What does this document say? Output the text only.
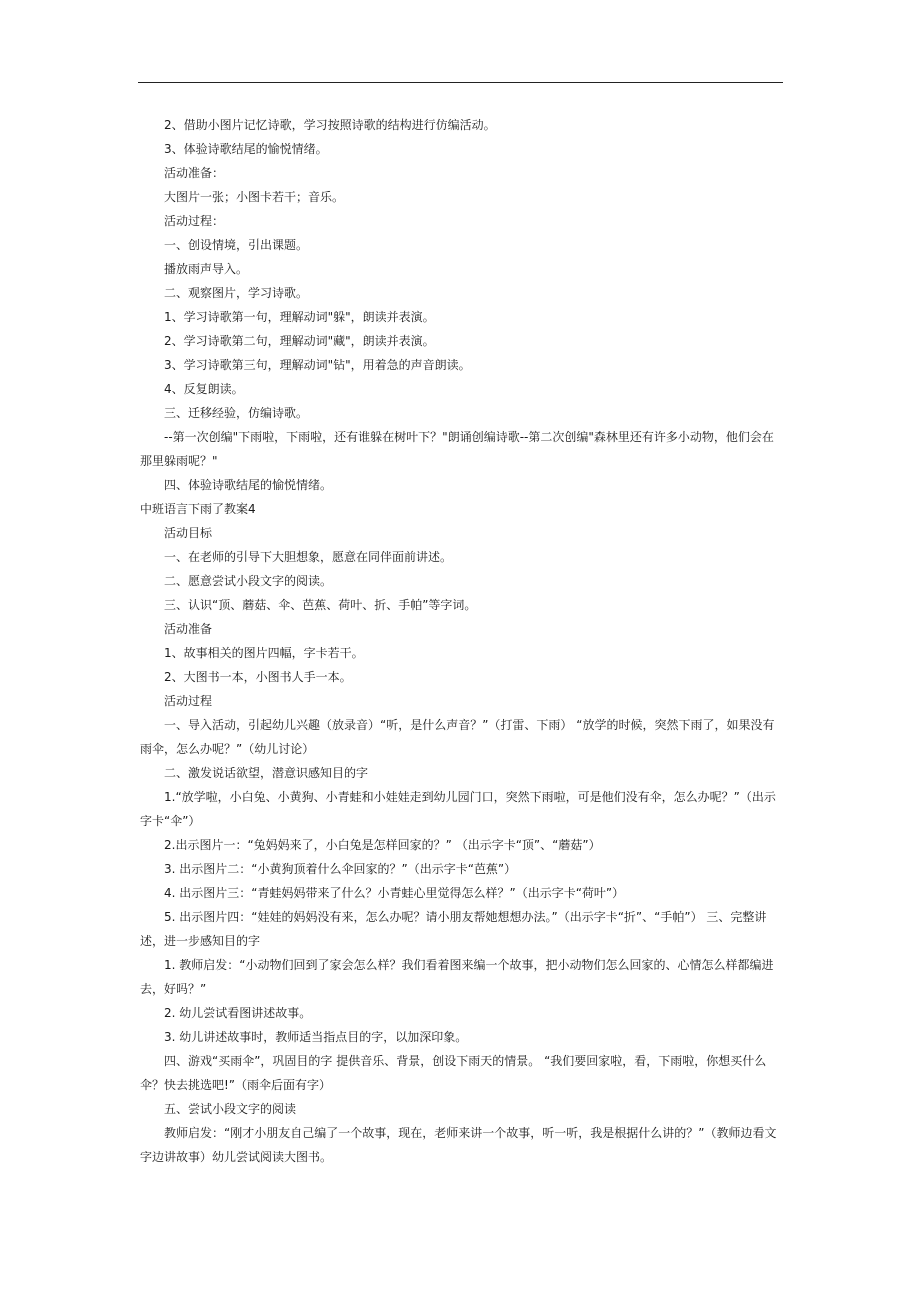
2、借助小图片记忆诗歌，学习按照诗歌的结构进行仿编活动。

3、体验诗歌结尾的愉悦情绪。

活动准备：

大图片一张；小图卡若干；音乐。

活动过程：

一、创设情境，引出课题。

播放雨声导入。

二、观察图片，学习诗歌。

1、学习诗歌第一句，理解动词"躲"，朗读并表演。

2、学习诗歌第二句，理解动词"藏"，朗读并表演。

3、学习诗歌第三句，理解动词"钻"，用着急的声音朗读。

4、反复朗读。

三、迁移经验，仿编诗歌。

--第一次创编"下雨啦，下雨啦，还有谁躲在树叶下？"朗诵创编诗歌--第二次创编"森林里还有许多小动物，他们会在那里躲雨呢？"

四、体验诗歌结尾的愉悦情绪。

中班语言下雨了教案4

活动目标

一、在老师的引导下大胆想象，愿意在同伴面前讲述。

二、愿意尝试小段文字的阅读。

三、认识“顶、蘑菇、伞、芭蕉、荷叶、折、手帕”等字词。

活动准备

1、故事相关的图片四幅，字卡若干。

2、大图书一本，小图书人手一本。

活动过程

一、导入活动，引起幼儿兴趣（放录音）“听，是什么声音？”（打雷、下雨） “放学的时候，突然下雨了，如果没有雨伞，怎么办呢？”（幼儿讨论）

二、激发说话欲望，潜意识感知目的字

1.“放学啦，小白兔、小黄狗、小青蛙和小娃娃走到幼儿园门口，突然下雨啦，可是他们没有伞，怎么办呢？”（出示字卡“伞”）

2.出示图片一：“兔妈妈来了，小白兔是怎样回家的？” （出示字卡“顶”、“蘑菇”）

3. 出示图片二：“小黄狗顶着什么伞回家的？”（出示字卡“芭蕉”）

4. 出示图片三：“青蛙妈妈带来了什么？小青蛙心里觉得怎么样？”（出示字卡“荷叶”）

5. 出示图片四：“娃娃的妈妈没有来，怎么办呢？请小朋友帮她想想办法。”（出示字卡“折”、“手帕”） 三、完整讲述，进一步感知目的字

1. 教师启发：“小动物们回到了家会怎么样？我们看着图来编一个故事，把小动物们怎么回家的、心情怎么样都编进去，好吗？”

2. 幼儿尝试看图讲述故事。

3. 幼儿讲述故事时，教师适当指点目的字，以加深印象。

四、游戏“买雨伞”，巩固目的字 提供音乐、背景，创设下雨天的情景。 “我们要回家啦，看，下雨啦，你想买什么伞？快去挑选吧!”（雨伞后面有字）

五、尝试小段文字的阅读

教师启发：“刚才小朋友自己编了一个故事，现在，老师来讲一个故事，听一听，我是根据什么讲的？”（教师边看文字边讲故事）幼儿尝试阅读大图书。
